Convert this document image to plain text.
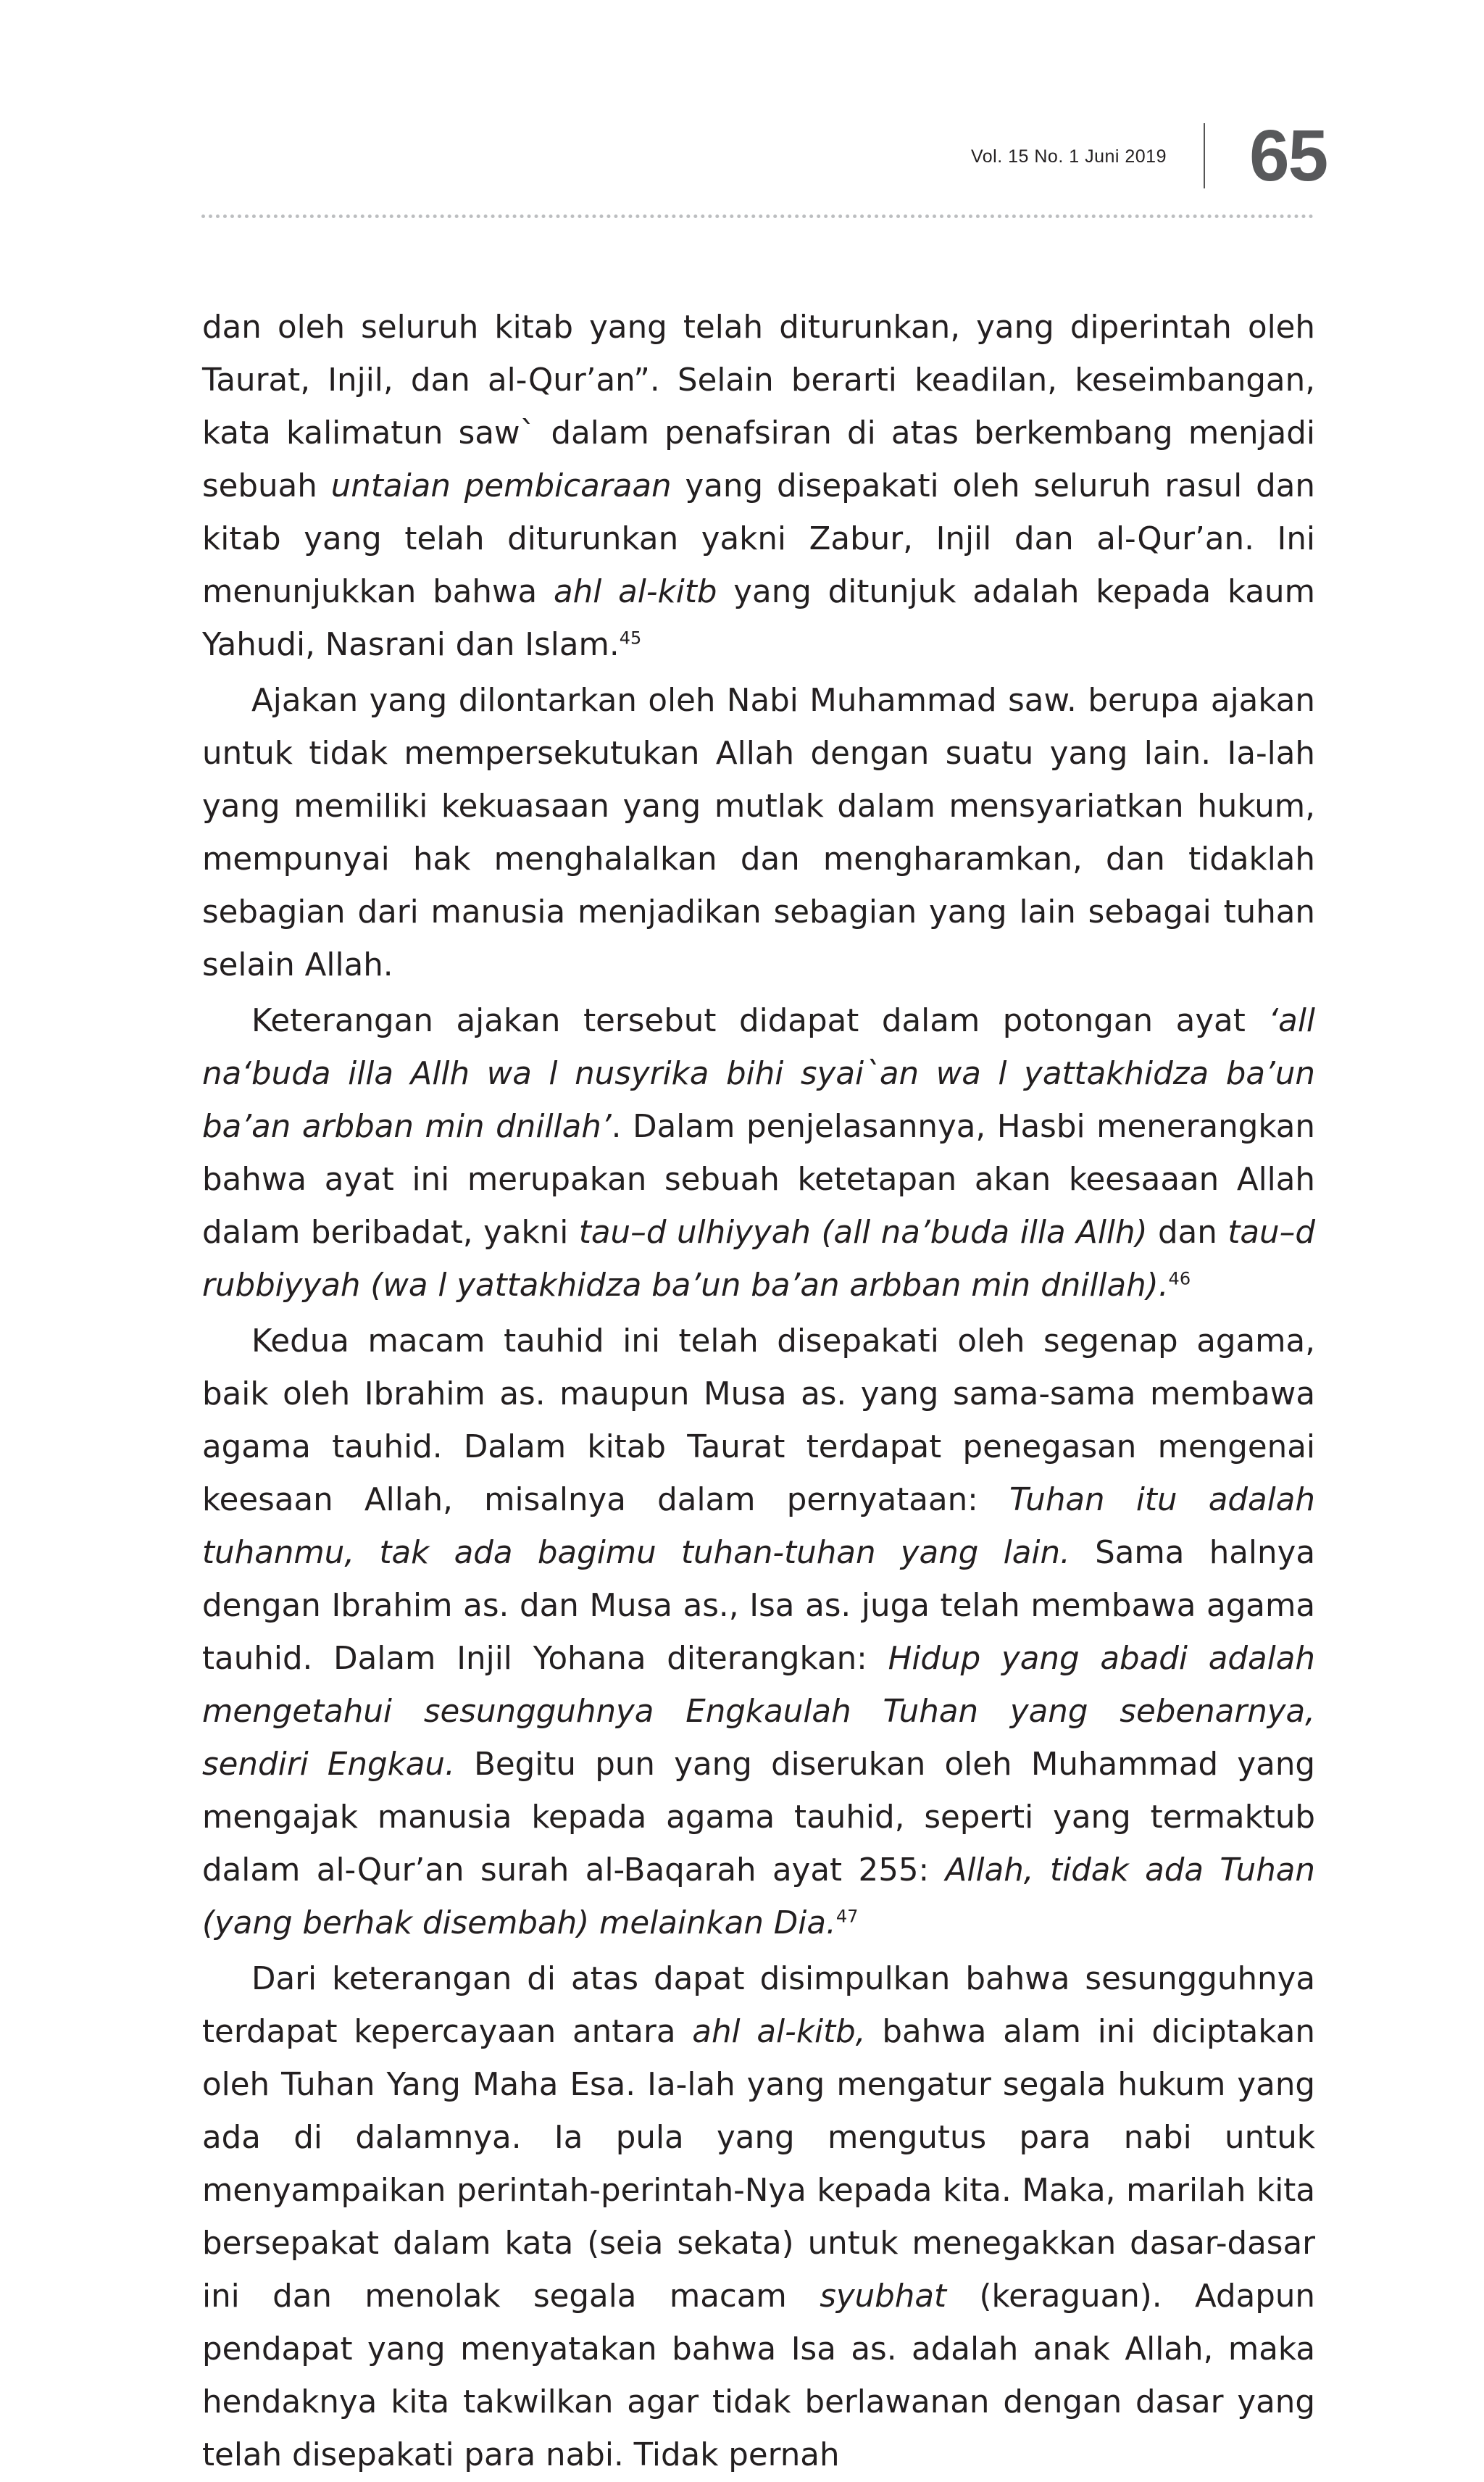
Vol. 15 No. 1 Juni 2019 65

dan oleh seluruh kitab yang telah diturunkan, yang diperintah oleh Taurat, Injil, dan al-Qur’an”. Selain berarti keadilan, keseimbangan, kata kalimatun saw` dalam penafsiran di atas berkembang menjadi sebuah untaian pembicaraan yang disepakati oleh seluruh rasul dan kitab yang telah diturunkan yakni Zabur, Injil dan al-Qur’an. Ini menunjukkan bahwa ahl al-kitb yang ditunjuk adalah kepada kaum Yahudi, Nasrani dan Islam.$^{45}$

Ajakan yang dilontarkan oleh Nabi Muhammad saw. berupa ajakan untuk tidak mempersekutukan Allah dengan suatu yang lain. Ia-lah yang memiliki kekuasaan yang mutlak dalam mensyariatkan hukum, mempunyai hak menghalalkan dan mengharamkan, dan tidaklah sebagian dari manusia menjadikan sebagian yang lain sebagai tuhan selain Allah.

Keterangan ajakan tersebut didapat dalam potongan ayat ‘all na‘buda illa Allh wa l nusyrika bihi syai`an wa l yattakhidza ba’un ba’an arbban min dnillah’. Dalam penjelasannya, Hasbi menerangkan bahwa ayat ini merupakan sebuah ketetapan akan keesaaan Allah dalam beribadat, yakni tau–d ulhiyyah (all na’buda illa Allh) dan tau–d rubbiyyah (wa l yattakhidza ba’un ba’an arbban min dnillah).$^{46}$

Kedua macam tauhid ini telah disepakati oleh segenap agama, baik oleh Ibrahim as. maupun Musa as. yang sama-sama membawa agama tauhid. Dalam kitab Taurat terdapat penegasan mengenai keesaan Allah, misalnya dalam pernyataan: Tuhan itu adalah tuhanmu, tak ada bagimu tuhan-tuhan yang lain. Sama halnya dengan Ibrahim as. dan Musa as., Isa as. juga telah membawa agama tauhid. Dalam Injil Yohana diterangkan: Hidup yang abadi adalah mengetahui sesungguhnya Engkaulah Tuhan yang sebenarnya, sendiri Engkau. Begitu pun yang diserukan oleh Muhammad yang mengajak manusia kepada agama tauhid, seperti yang termaktub dalam al-Qur’an surah al-Baqarah ayat 255: Allah, tidak ada Tuhan (yang berhak disembah) melainkan Dia.$^{47}$

Dari keterangan di atas dapat disimpulkan bahwa sesungguhnya terdapat kepercayaan antara ahl al-kitb, bahwa alam ini diciptakan oleh Tuhan Yang Maha Esa. Ia-lah yang mengatur segala hukum yang ada di dalamnya. Ia pula yang mengutus para nabi untuk menyampaikan perintah-perintah-Nya kepada kita. Maka, marilah kita bersepakat dalam kata (seia sekata) untuk menegakkan dasar-dasar ini dan menolak segala macam syubhat (keraguan). Adapun pendapat yang menyatakan bahwa Isa as. adalah anak Allah, maka hendaknya kita takwilkan agar tidak berlawanan dengan dasar yang telah disepakati para nabi. Tidak pernah
